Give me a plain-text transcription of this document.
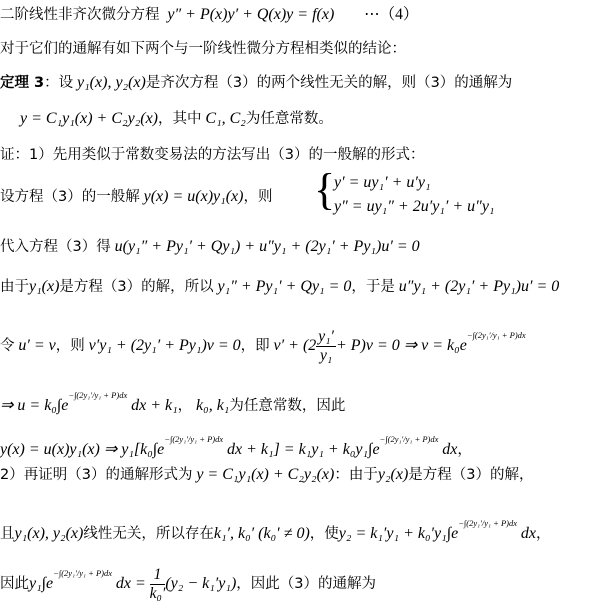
二阶线性非齐次微分方程 y″ + P(x)y′ + Q(x)y = f(x) ⋯（4）
对于它们的通解有如下两个与一阶线性微分方程相类似的结论：
定理 3：设 y₁(x), y₂(x)是齐次方程（3）的两个线性无关的解，则（3）的通解为
y = C₁y₁(x) + C₂y₂(x)，其中 C₁, C₂为任意常数。
证：1）先用类似于常数变易法的方法写出（3）的一般解的形式：
设方程（3）的一般解 y(x) = u(x)y₁(x)，则 {
y′ = uy₁′ + u′y₁
y″ = uy₁″ + 2u′y₁′ + u″y₁
代入方程（3）得 u(y₁″ + Py₁′ + Qy₁) + u″y₁ + (2y₁′ + Py₁)u′ = 0
由于y₁(x)是方程（3）的解，所以 y₁″ + Py₁′ + Qy₁ = 0，于是 u″y₁ + (2y₁′ + Py₁)u′ = 0
令 u′ = v，则 v′y₁ + (2y₁′ + Py₁)v = 0，即 $v' + (2 \frac{\text{y₁′}}{\text{y₁}} + P)v = 0$ ⇒ $v = k_0e^{-\int(2y_1'/y_1 + P)dx}$
⇒ $u = k_0\int e^{-\int(2y_1'/y_1 + P)dx}$ dx + k₁， k₀, k₁为任意常数，因此
y(x) = u(x)y₁(x) ⇒ $y_1[k_0\int e^{-\int(2y_1'/y_1 + P)dx}$ dx + $k_1] = k_1y_1 + k_0y_1\int e^{-\int(2y_1'/y_1 + P)dx}$ dx，
2）再证明（3）的通解形式为 y = C₁y₁(x) + C₂y₂(x)：由于y₂(x)是方程（3）的解，
且y₁(x), y₂(x)线性无关，所以存在k₁′, k₀′ (k₀′ ≠ 0)，使$y_2 = k_1'y_1 + k_0'y_1\int e^{-\int(2y_1'/y_1 + P)dx}$ dx，
因此$y_1\int e^{-\int(2y_1'/y_1 + P)dx}$ dx = $\frac{1}{\text{k₀′}} (y_2 - k_1'y_1)$，因此（3）的通解为
